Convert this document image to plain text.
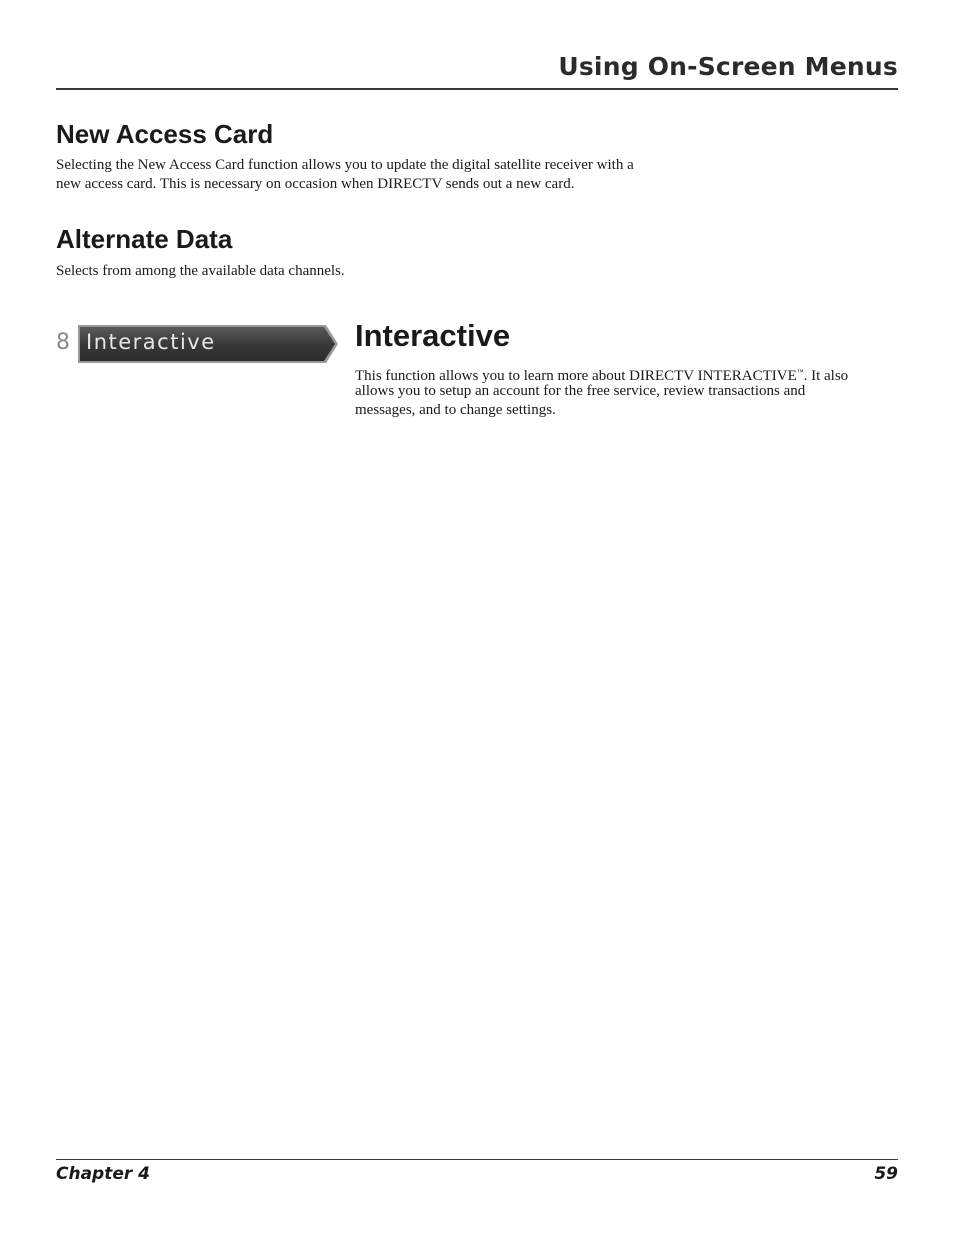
Using On-Screen Menus
New Access Card

Selecting the New Access Card function allows you to update the digital satellite receiver with a

new access card. This is necessary on occasion when DIRECTV sends out a new card.

Alternate Data

Selects from among the available data channels.

8 Interactive	Interactive

This function allows you to learn more about DIRECTV INTERACTIVE™. It also

allows you to setup an account for the free service, review transactions and

messages, and to change settings.

Chapter 4	59
